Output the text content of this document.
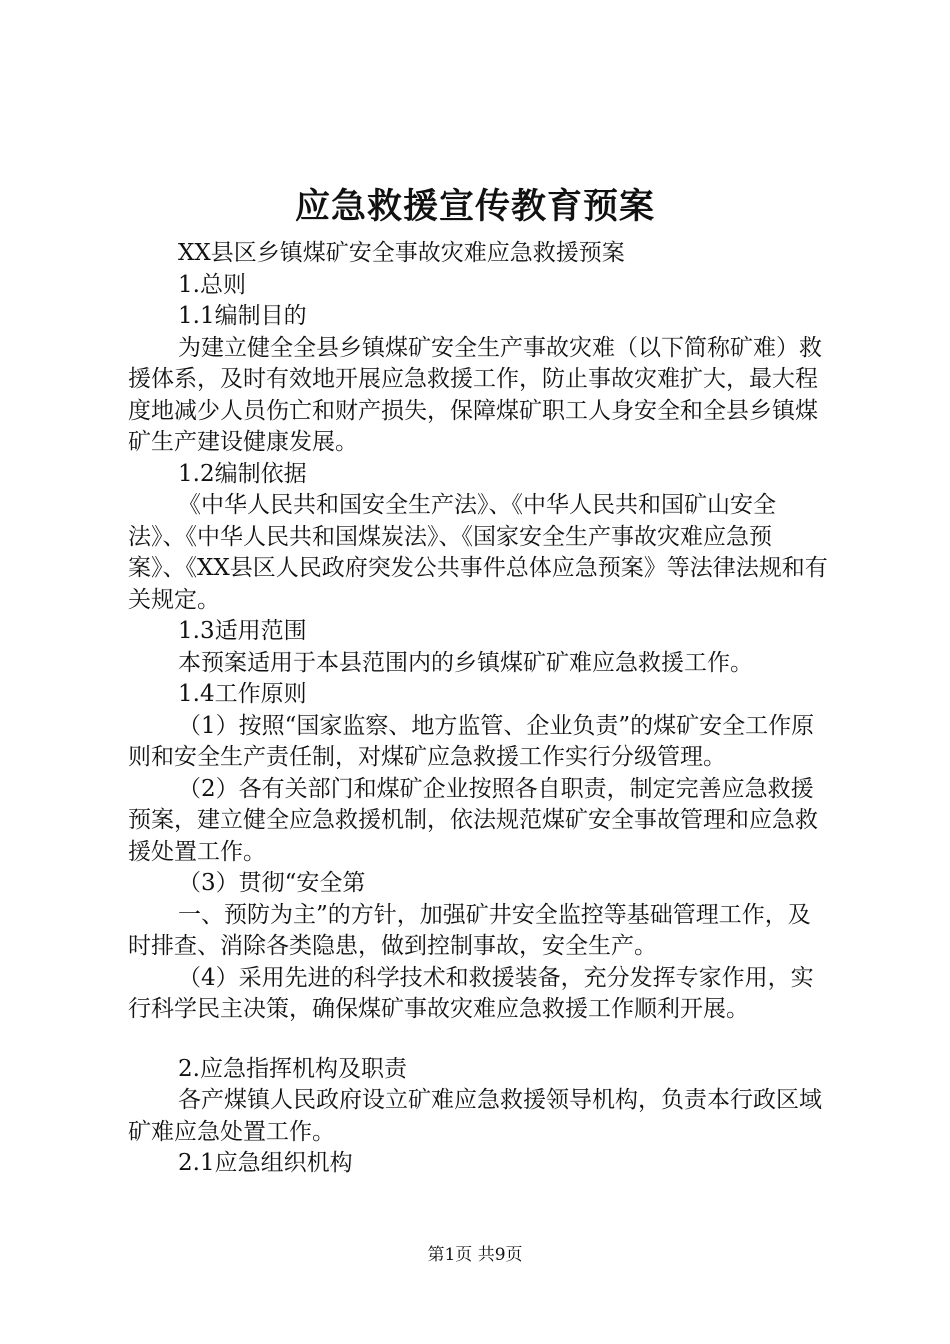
应急救援宣传教育预案

XX县区乡镇煤矿安全事故灾难应急救援预案

1.总则

1.1编制目的

为建立健全全县乡镇煤矿安全生产事故灾难（以下简称矿难）救援体系，及时有效地开展应急救援工作，防止事故灾难扩大，最大程度地减少人员伤亡和财产损失，保障煤矿职工人身安全和全县乡镇煤矿生产建设健康发展。

1.2编制依据

《中华人民共和国安全生产法》、《中华人民共和国矿山安全法》、《中华人民共和国煤炭法》、《国家安全生产事故灾难应急预案》、《XX县区人民政府突发公共事件总体应急预案》等法律法规和有关规定。

1.3适用范围

本预案适用于本县范围内的乡镇煤矿矿难应急救援工作。

1.4工作原则

（1）按照“国家监察、地方监管、企业负责”的煤矿安全工作原则和安全生产责任制，对煤矿应急救援工作实行分级管理。

（2）各有关部门和煤矿企业按照各自职责，制定完善应急救援预案，建立健全应急救援机制，依法规范煤矿安全事故管理和应急救援处置工作。

（3）贯彻“安全第

一、预防为主”的方针，加强矿井安全监控等基础管理工作，及时排查、消除各类隐患，做到控制事故，安全生产。

（4）采用先进的科学技术和救援装备，充分发挥专家作用，实行科学民主决策，确保煤矿事故灾难应急救援工作顺利开展。

2.应急指挥机构及职责

各产煤镇人民政府设立矿难应急救援领导机构，负责本行政区域矿难应急处置工作。

2.1应急组织机构

第1页 共9页
